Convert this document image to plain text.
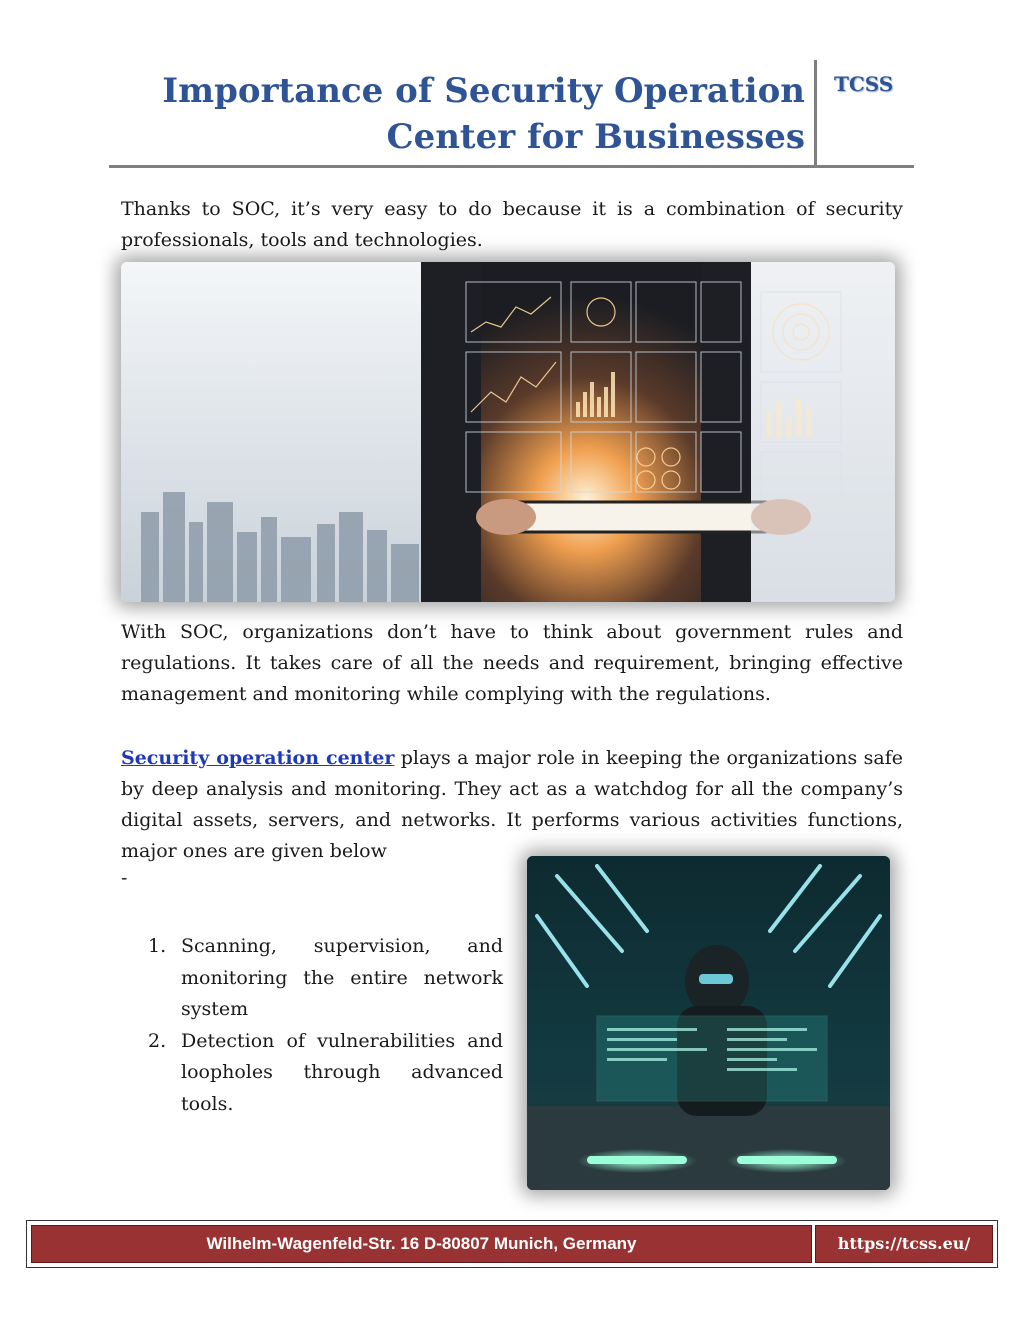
Importance of Security Operation
Center for Businesses
TCSS
Thanks to SOC, it’s very easy to do because it is a combination of security professionals, tools and technologies.
With SOC, organizations don’t have to think about government rules and regulations. It takes care of all the needs and requirement, bringing effective management and monitoring while complying with the regulations.
Security operation center plays a major role in keeping the organizations safe by deep analysis and monitoring. They act as a watchdog for all the company’s digital assets, servers, and networks. It performs various activities functions, major ones are given below
-
1. Scanning, supervision, and monitoring the entire network system
2. Detection of vulnerabilities and loopholes through advanced tools.
Wilhelm-Wagenfeld-Str. 16 D-80807 Munich, Germany	https://tcss.eu/
